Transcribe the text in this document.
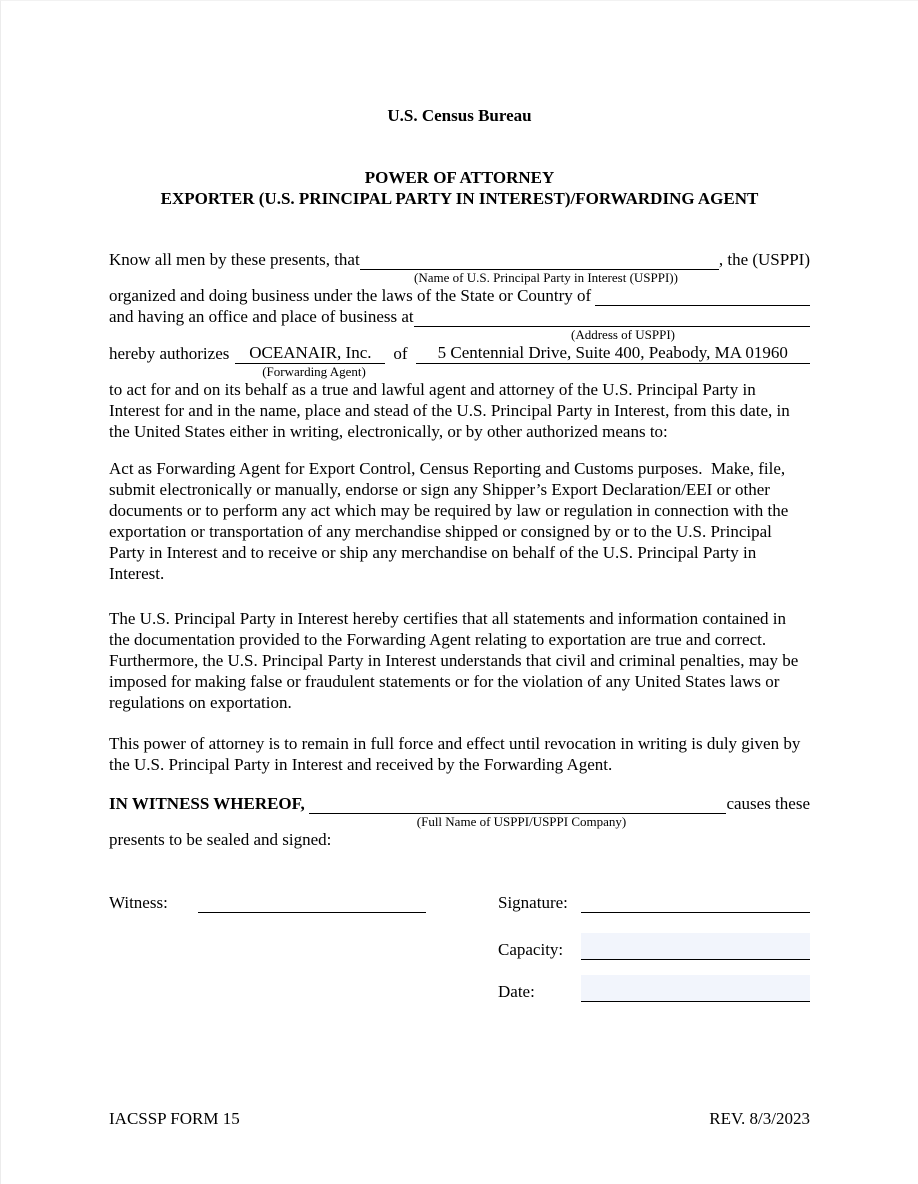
U.S. Census Bureau
POWER OF ATTORNEY
EXPORTER (U.S. PRINCIPAL PARTY IN INTEREST)/FORWARDING AGENT
Know all men by these presents, that	, the (USPPI)
(Name of U.S. Principal Party in Interest (USPPI))
organized and doing business under the laws of the State or Country of
and having an office and place of business at
(Address of USPPI)
hereby authorizes	OCEANAIR, Inc.	of	5 Centennial Drive, Suite 400, Peabody, MA 01960
(Forwarding Agent)
to act for and on its behalf as a true and lawful agent and attorney of the U.S. Principal Party in Interest for and in the name, place and stead of the U.S. Principal Party in Interest, from this date, in the United States either in writing, electronically, or by other authorized means to:
Act as Forwarding Agent for Export Control, Census Reporting and Customs purposes.  Make, file, submit electronically or manually, endorse or sign any Shipper’s Export Declaration/EEI or other documents or to perform any act which may be required by law or regulation in connection with the exportation or transportation of any merchandise shipped or consigned by or to the U.S. Principal Party in Interest and to receive or ship any merchandise on behalf of the U.S. Principal Party in Interest.
The U.S. Principal Party in Interest hereby certifies that all statements and information contained in the documentation provided to the Forwarding Agent relating to exportation are true and correct. Furthermore, the U.S. Principal Party in Interest understands that civil and criminal penalties, may be imposed for making false or fraudulent statements or for the violation of any United States laws or regulations on exportation.
This power of attorney is to remain in full force and effect until revocation in writing is duly given by the U.S. Principal Party in Interest and received by the Forwarding Agent.
IN WITNESS WHEREOF,	causes these
(Full Name of USPPI/USPPI Company)
presents to be sealed and signed:
Witness:	Signature:
Capacity:
Date:
IACSSP FORM 15	REV. 8/3/2023
